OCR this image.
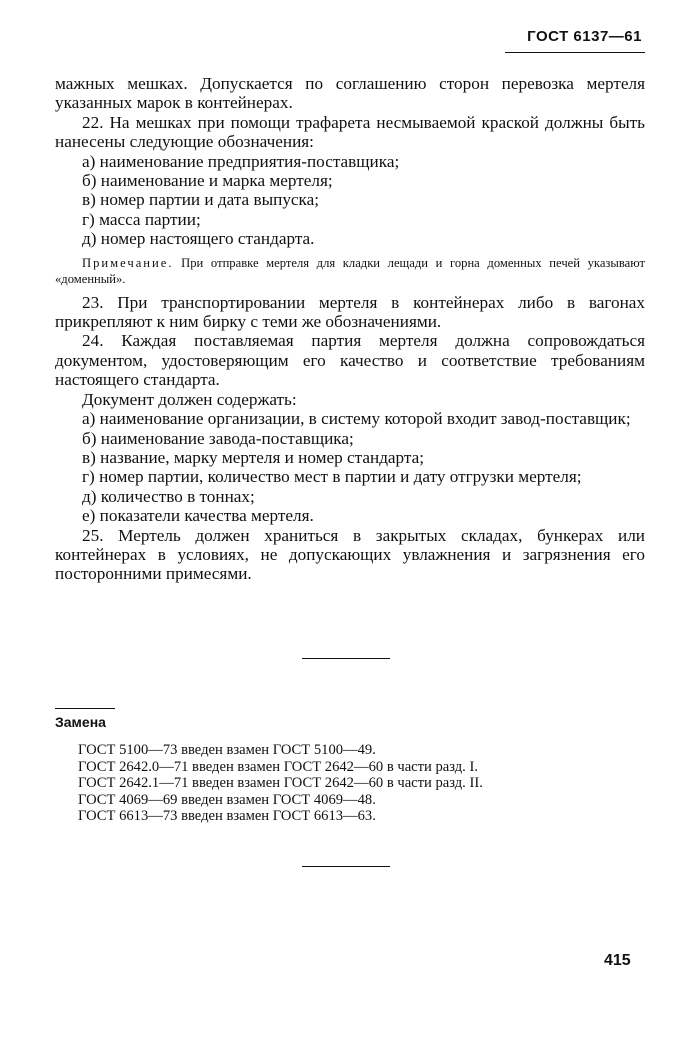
ГОСТ 6137—61

мажных мешках. Допускается по соглашению сторон перевозка мертеля указанных марок в контейнерах.

22. На мешках при помощи трафарета несмываемой краской должны быть нанесены следующие обозначения:

а) наименование предприятия-поставщика;

б) наименование и марка мертеля;

в) номер партии и дата выпуска;

г) масса партии;

д) номер настоящего стандарта.

Примечание. При отправке мертеля для кладки лещади и горна доменных печей указывают «доменный».

23. При транспортировании мертеля в контейнерах либо в вагонах прикрепляют к ним бирку с теми же обозначениями.

24. Каждая поставляемая партия мертеля должна сопровождаться документом, удостоверяющим его качество и соответствие требованиям настоящего стандарта.

Документ должен содержать:

а) наименование организации, в систему которой входит завод-поставщик;

б) наименование завода-поставщика;

в) название, марку мертеля и номер стандарта;

г) номер партии, количество мест в партии и дату отгрузки мертеля;

д) количество в тоннах;

е) показатели качества мертеля.

25. Мертель должен храниться в закрытых складах, бункерах или контейнерах в условиях, не допускающих увлажнения и загрязнения его посторонними примесями.

Замена
ГОСТ 5100—73 введен взамен ГОСТ 5100—49.
ГОСТ 2642.0—71 введен взамен ГОСТ 2642—60 в части разд. I.
ГОСТ 2642.1—71 введен взамен ГОСТ 2642—60 в части разд. II.
ГОСТ 4069—69 введен взамен ГОСТ 4069—48.
ГОСТ 6613—73 введен взамен ГОСТ 6613—63.
415
